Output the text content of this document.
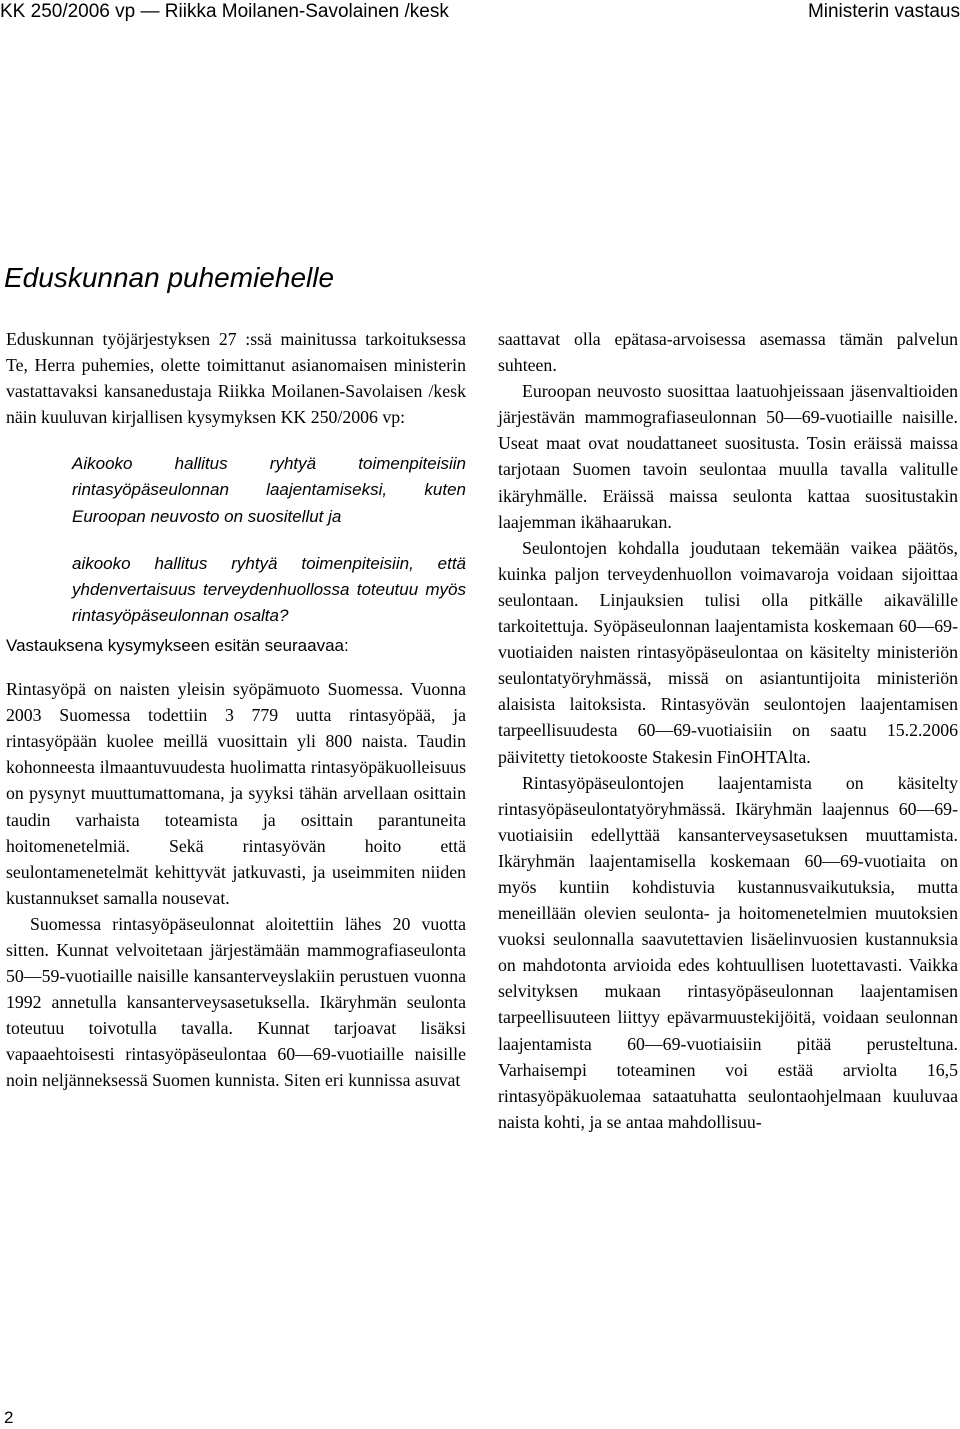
KK 250/2006 vp — Riikka Moilanen-Savolainen /kesk	Ministerin vastaus
Eduskunnan puhemiehelle

Eduskunnan työjärjestyksen 27 :ssä mainitussa tarkoituksessa Te, Herra puhemies, olette toimittanut asianomaisen ministerin vastattavaksi kansanedustaja Riikka Moilanen-Savolaisen /kesk näin kuuluvan kirjallisen kysymyksen KK 250/2006 vp:

Aikooko hallitus ryhtyä toimenpiteisiin rintasyöpäseulonnan laajentamiseksi, kuten Euroopan neuvosto on suositellut ja

aikooko hallitus ryhtyä toimenpiteisiin, että yhdenvertaisuus terveydenhuollossa toteutuu myös rintasyöpäseulonnan osalta?

Vastauksena kysymykseen esitän seuraavaa:

Rintasyöpä on naisten yleisin syöpämuoto Suomessa. Vuonna 2003 Suomessa todettiin 3 779 uutta rintasyöpää, ja rintasyöpään kuolee meillä vuosittain yli 800 naista. Taudin kohonneesta ilmaantuvuudesta huolimatta rintasyöpäkuolleisuus on pysynyt muuttumattomana, ja syyksi tähän arvellaan osittain taudin varhaista toteamista ja osittain parantuneita hoitomenetelmiä. Sekä rintasyövän hoito että seulontamenetelmät kehittyvät jatkuvasti, ja useimmiten niiden kustannukset samalla nousevat.

Suomessa rintasyöpäseulonnat aloitettiin lähes 20 vuotta sitten. Kunnat velvoitetaan järjestämään mammografiaseulonta 50—59-vuotiaille naisille kansanterveyslakiin perustuen vuonna 1992 annetulla kansanterveysasetuksella. Ikäryhmän seulonta toteutuu toivotulla tavalla. Kunnat tarjoavat lisäksi vapaaehtoisesti rintasyöpäseulontaa 60—69-vuotiaille naisille noin neljänneksessä Suomen kunnista. Siten eri kunnissa asuvat

saattavat olla epätasa-arvoisessa asemassa tämän palvelun suhteen.

Euroopan neuvosto suosittaa laatuohjeissaan jäsenvaltioiden järjestävän mammografiaseulonnan 50—69-vuotiaille naisille. Useat maat ovat noudattaneet suositusta. Tosin eräissä maissa tarjotaan Suomen tavoin seulontaa muulla tavalla valitulle ikäryhmälle. Eräissä maissa seulonta kattaa suositustakin laajemman ikähaarukan.

Seulontojen kohdalla joudutaan tekemään vaikea päätös, kuinka paljon terveydenhuollon voimavaroja voidaan sijoittaa seulontaan. Linjauksien tulisi olla pitkälle aikavälille tarkoitettuja. Syöpäseulonnan laajentamista koskemaan 60—69-vuotiaiden naisten rintasyöpäseulontaa on käsitelty ministeriön seulontatyöryhmässä, missä on asiantuntijoita ministeriön alaisista laitoksista. Rintasyövän seulontojen laajentamisen tarpeellisuudesta 60—69-vuotiaisiin on saatu 15.2.2006 päivitetty tietokooste Stakesin FinOHTAlta.

Rintasyöpäseulontojen laajentamista on käsitelty rintasyöpäseulontatyöryhmässä. Ikäryhmän laajennus 60—69-vuotiaisiin edellyttää kansanterveysasetuksen muuttamista. Ikäryhmän laajentamisella koskemaan 60—69-vuotiaita on myös kuntiin kohdistuvia kustannusvaikutuksia, mutta meneillään olevien seulonta- ja hoitomenetelmien muutoksien vuoksi seulonnalla saavutettavien lisäelinvuosien kustannuksia on mahdotonta arvioida edes kohtuullisen luotettavasti. Vaikka selvityksen mukaan rintasyöpäseulonnan laajentamisen tarpeellisuuteen liittyy epävarmuustekijöitä, voidaan seulonnan laajentamista 60—69-vuotiaisiin pitää perusteltuna. Varhaisempi toteaminen voi estää arviolta 16,5 rintasyöpäkuolemaa sataatuhatta seulontaohjelmaan kuuluvaa naista kohti, ja se antaa mahdollisuu-

2
